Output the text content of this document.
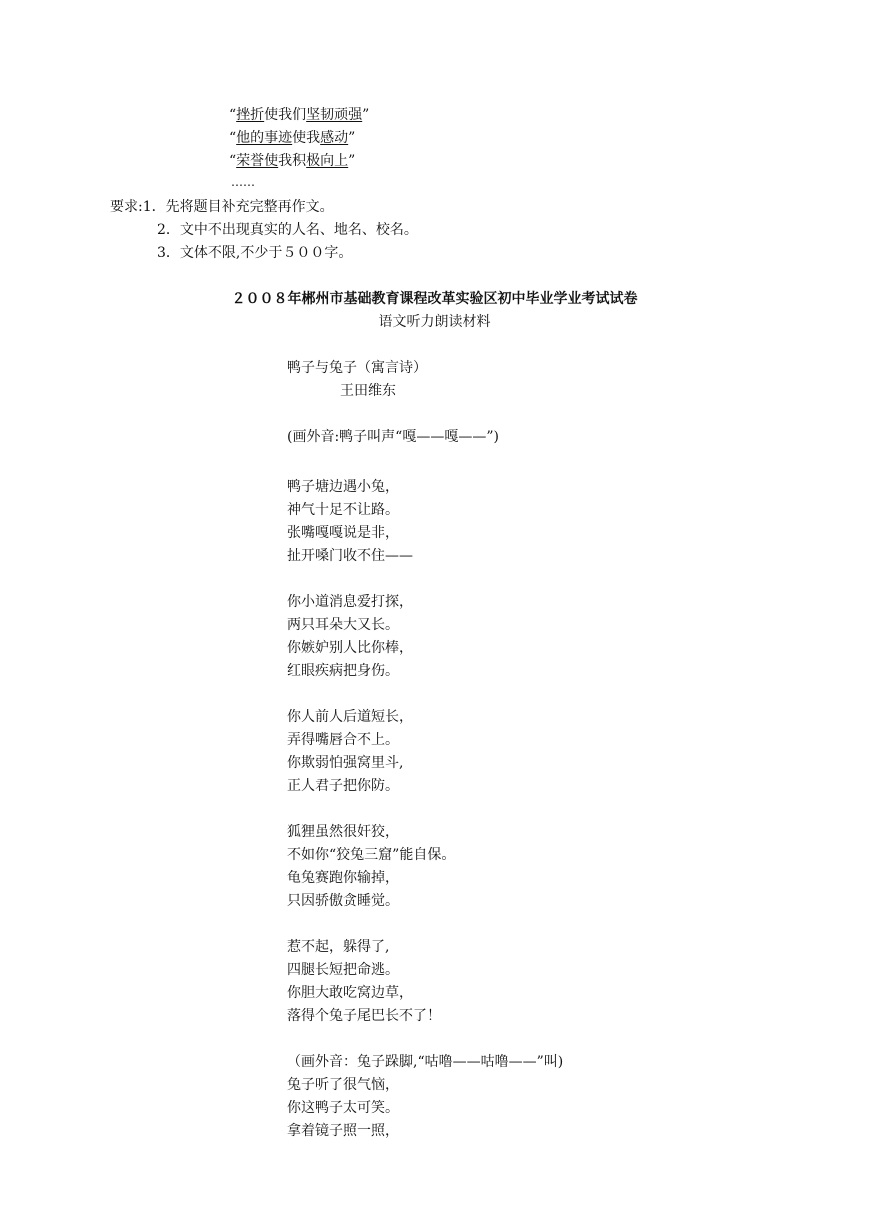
“挫折使我们坚韧顽强”
“他的事迹使我感动”
“荣誉使我积极向上”
……
要求:1．先将题目补充完整再作文。
2．文中不出现真实的人名、地名、校名。
3．文体不限,不少于５００字。
２００８年郴州市基础教育课程改革实验区初中毕业学业考试试卷
语文听力朗读材料
鸭子与兔子（寓言诗）
王田维东
(画外音:鸭子叫声“嘎——嘎——”)
鸭子塘边遇小兔，
神气十足不让路。
张嘴嘎嘎说是非，
扯开嗓门收不住——
你小道消息爱打探，
两只耳朵大又长。
你嫉妒别人比你棒，
红眼疾病把身伤。
你人前人后道短长，
弄得嘴唇合不上。
你欺弱怕强窝里斗,
正人君子把你防。
狐狸虽然很奸狡，
不如你“狡兔三窟”能自保。
龟兔赛跑你输掉，
只因骄傲贪睡觉。
惹不起，躲得了,
四腿长短把命逃。
你胆大敢吃窝边草，
落得个兔子尾巴长不了！
（画外音：兔子跺脚,“咕噜——咕噜——”叫)
兔子听了很气恼，
你这鸭子太可笑。
拿着镜子照一照，
